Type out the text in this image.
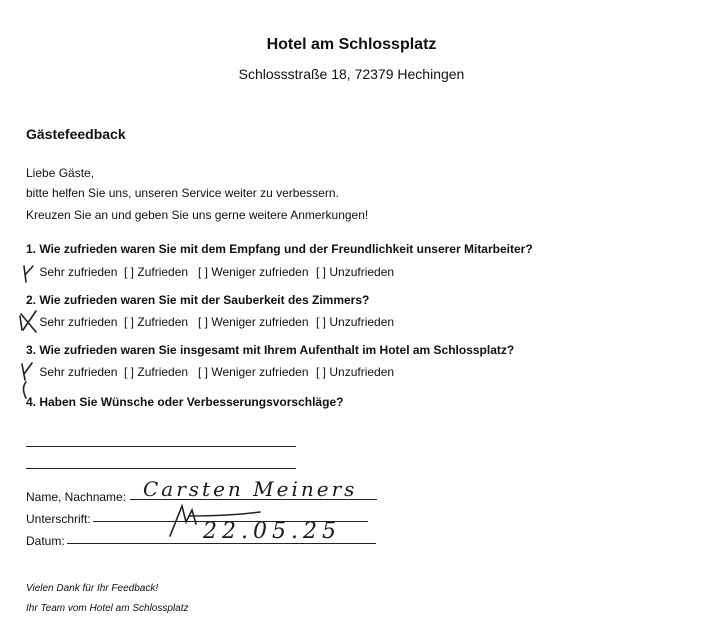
Hotel am Schlossplatz
Schlossstraße 18, 72379 Hechingen
Gästefeedback
Liebe Gäste,
bitte helfen Sie uns, unseren Service weiter zu verbessern.
Kreuzen Sie an und geben Sie uns gerne weitere Anmerkungen!
1. Wie zufrieden waren Sie mit dem Empfang und der Freundlichkeit unserer Mitarbeiter?
Sehr zufrieden [ ] Zufrieden [ ] Weniger zufrieden [ ] Unzufrieden
2. Wie zufrieden waren Sie mit der Sauberkeit des Zimmers?
Sehr zufrieden [ ] Zufrieden [ ] Weniger zufrieden [ ] Unzufrieden
3. Wie zufrieden waren Sie insgesamt mit Ihrem Aufenthalt im Hotel am Schlossplatz?
Sehr zufrieden [ ] Zufrieden [ ] Weniger zufrieden [ ] Unzufrieden
4. Haben Sie Wünsche oder Verbesserungsvorschläge?
Name, Nachname: Carsten Meiners
Unterschrift:
Datum:	22.05.25
Vielen Dank für Ihr Feedback!
Ihr Team vom Hotel am Schlossplatz
